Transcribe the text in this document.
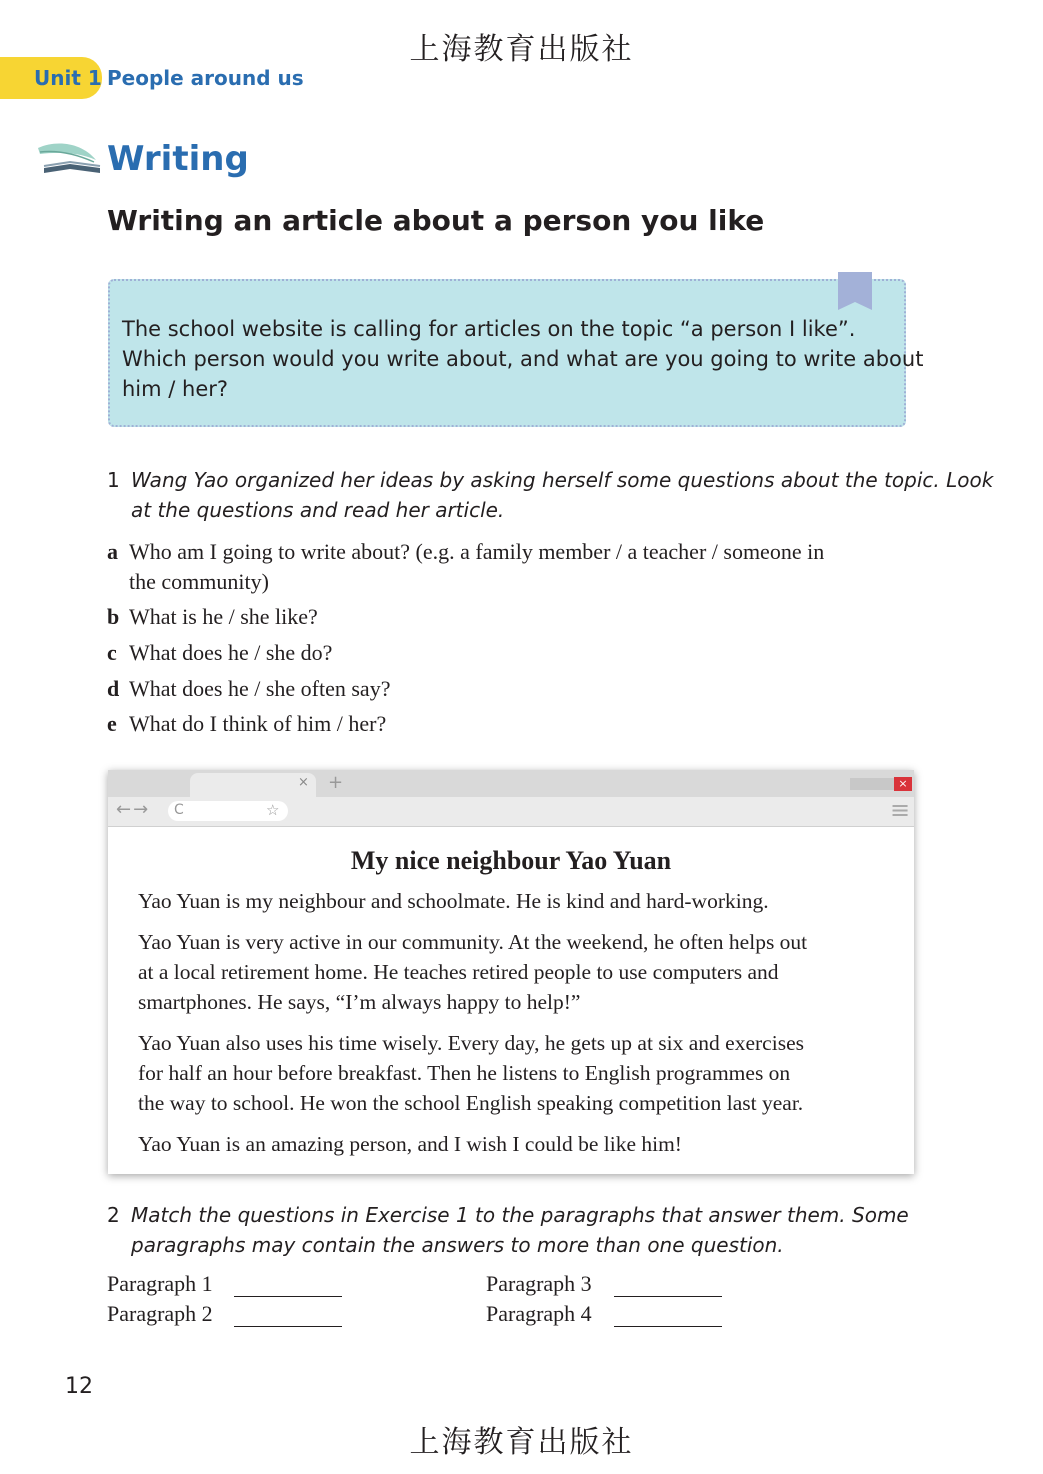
上海教育出版社
Unit 1 People around us
Writing
Writing an article about a person you like
The school website is calling for articles on the topic “a person I like”.
Which person would you write about, and what are you going to write about
him / her?
1 Wang Yao organized her ideas by asking herself some questions about the topic. Look
at the questions and read her article.
a Who am I going to write about? (e.g. a family member / a teacher / someone in
the community)
b What is he / she like?
c What does he / she do?
d What does he / she often say?
e What do I think of him / her?
× +	×
←→ C	☆	≡
My nice neighbour Yao Yuan
Yao Yuan is my neighbour and schoolmate. He is kind and hard-working.
Yao Yuan is very active in our community. At the weekend, he often helps out
at a local retirement home. He teaches retired people to use computers and
smartphones. He says, “I’m always happy to help!”
Yao Yuan also uses his time wisely. Every day, he gets up at six and exercises
for half an hour before breakfast. Then he listens to English programmes on
the way to school. He won the school English speaking competition last year.
Yao Yuan is an amazing person, and I wish I could be like him!
2 Match the questions in Exercise 1 to the paragraphs that answer them. Some
paragraphs may contain the answers to more than one question.
Paragraph 1
Paragraph 2
Paragraph 3
Paragraph 4
12
上海教育出版社
